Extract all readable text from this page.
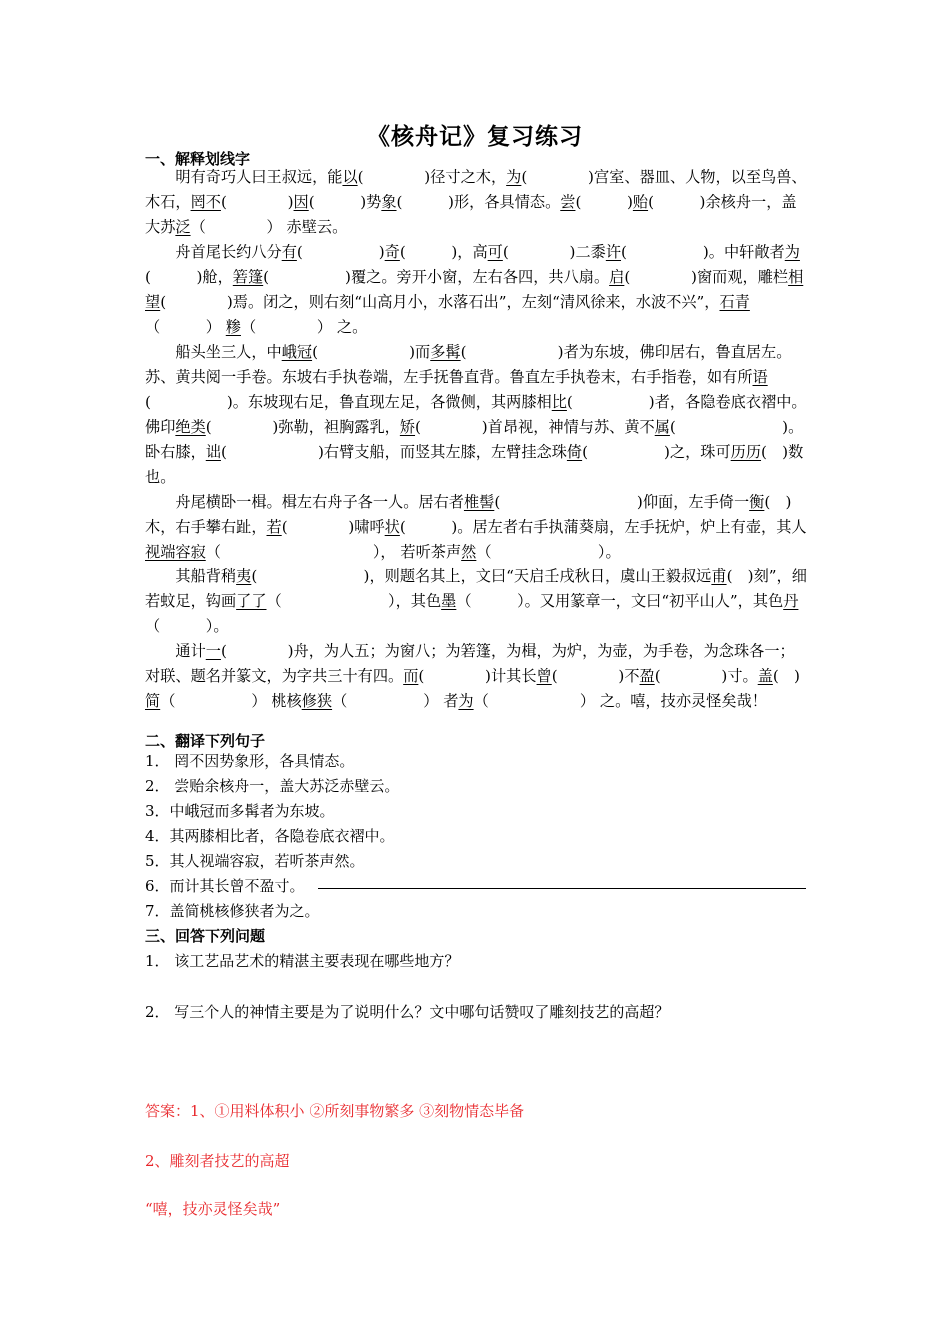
《核舟记》复习练习
一、解释划线字
　　明有奇巧人曰王叔远，能以(　　　　)径寸之木，为(　　　　)宫室、器皿、人物，以至鸟兽、木石，罔不(　　　　)因(　　　)势象(　　　)形，各具情态。尝(　　　)贻(　　　)余核舟一，盖大苏泛（　　　　） 赤壁云。
　　舟首尾长约八分有(　　　　　)奇(　　　)，高可(　　　　)二黍许(　　　　　)。中轩敞者为(　　　)舱，箬篷(　　　　　)覆之。旁开小窗，左右各四，共八扇。启(　　　　)窗而观，雕栏相望(　　　　)焉。闭之，则右刻“山高月小，水落石出”，左刻“清风徐来，水波不兴”，石青（　　　） 糁（　　　　） 之。
　　船头坐三人，中峨冠(　　　　　　)而多髯(　　　　　　)者为东坡，佛印居右，鲁直居左。苏、黄共阅一手卷。东坡右手执卷端，左手抚鲁直背。鲁直左手执卷末，右手指卷，如有所语(　　　　　)。东坡现右足，鲁直现左足，各微侧，其两膝相比(　　　　　)者，各隐卷底衣褶中。佛印绝类(　　　　)弥勒，袒胸露乳，矫(　　　　)首昂视，神情与苏、黄不属(　　　　　　　)。卧右膝，诎(　　　　　　)右臂支船，而竖其左膝，左臂挂念珠倚(　　　　　)之，珠可历历(　)数也。
　　舟尾横卧一楫。楫左右舟子各一人。居右者椎髻(　　　　　　　　　)仰面，左手倚一衡(　)木，右手攀右趾，若(　　　　)啸呼状(　　　)。居左者右手执蒲葵扇，左手抚炉，炉上有壶，其人视端容寂（　　　　　　　　　　）， 若听茶声然（　　　　　　　）。
　　其船背稍夷(　　　　　　　)，则题名其上，文曰“天启壬戌秋日，虞山王毅叔远甫(　)刻”，细若蚊足，钩画了了（　　　　　　　），其色墨（　　　）。又用篆章一，文曰“初平山人”，其色丹（　　　）。
　　通计一(　　　　)舟，为人五；为窗八；为箬篷，为楫，为炉，为壶，为手卷，为念珠各一；对联、题名并篆文，为字共三十有四。而(　　　　)计其长曾(　　　　)不盈(　　　　)寸。盖(　)简（　　　　　） 桃核修狭（　　　　　） 者为（　　　　　　） 之。嘻，技亦灵怪矣哉！
二、翻译下列句子
1． 罔不因势象形，各具情态。
2． 尝贻余核舟一，盖大苏泛赤壁云。
3．中峨冠而多髯者为东坡。
4．其两膝相比者，各隐卷底衣褶中。
5．其人视端容寂，若听茶声然。
6．而计其长曾不盈寸。
7．盖简桃核修狭者为之。
三、回答下列问题
1． 该工艺品艺术的精湛主要表现在哪些地方？
2． 写三个人的神情主要是为了说明什么？文中哪句话赞叹了雕刻技艺的高超？
答案：1、①用料体积小 ②所刻事物繁多 ③刻物情态毕备
2、雕刻者技艺的高超
“嘻，技亦灵怪矣哉”
